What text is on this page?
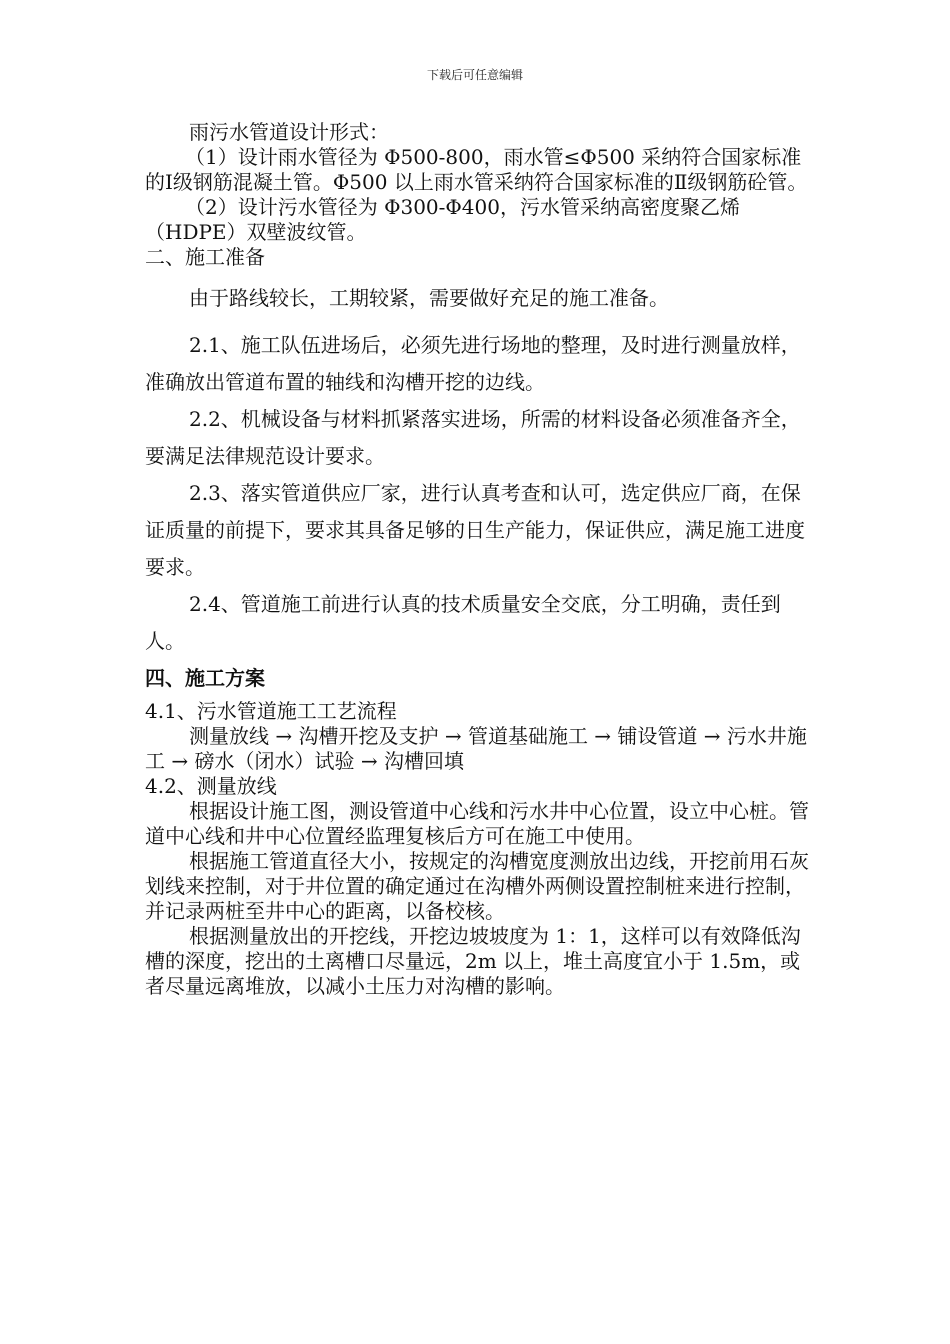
下载后可任意编辑

雨污水管道设计形式：

（1）设计雨水管径为 Φ500-800，雨水管≤Φ500 采纳符合国家标准的Ⅰ级钢筋混凝土管。Φ500 以上雨水管采纳符合国家标准的Ⅱ级钢筋砼管。

（2）设计污水管径为 Φ300-Φ400，污水管采纳高密度聚乙烯（HDPE）双壁波纹管。

二、施工准备

由于路线较长，工期较紧，需要做好充足的施工准备。

2.1、施工队伍进场后，必须先进行场地的整理，及时进行测量放样，准确放出管道布置的轴线和沟槽开挖的边线。

2.2、机械设备与材料抓紧落实进场，所需的材料设备必须准备齐全，要满足法律规范设计要求。

2.3、落实管道供应厂家，进行认真考查和认可，选定供应厂商，在保证质量的前提下，要求其具备足够的日生产能力，保证供应，满足施工进度要求。

2.4、管道施工前进行认真的技术质量安全交底，分工明确，责任到人。

四、施工方案

4.1、污水管道施工工艺流程

测量放线 → 沟槽开挖及支护 → 管道基础施工 → 铺设管道 → 污水井施工 → 磅水（闭水）试验 → 沟槽回填

4.2、测量放线

根据设计施工图，测设管道中心线和污水井中心位置，设立中心桩。管道中心线和井中心位置经监理复核后方可在施工中使用。

根据施工管道直径大小，按规定的沟槽宽度测放出边线，开挖前用石灰划线来控制，对于井位置的确定通过在沟槽外两侧设置控制桩来进行控制，并记录两桩至井中心的距离，以备校核。

根据测量放出的开挖线，开挖边坡坡度为 1：1，这样可以有效降低沟槽的深度，挖出的土离槽口尽量远，2m 以上，堆土高度宜小于 1.5m，或者尽量远离堆放，以减小土压力对沟槽的影响。
